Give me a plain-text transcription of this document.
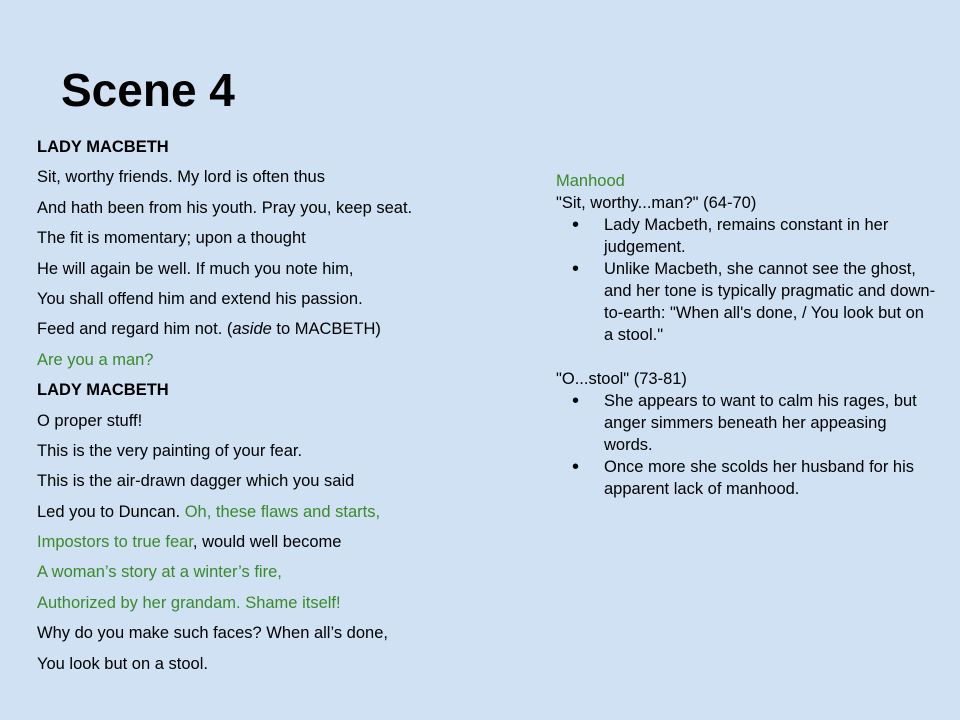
Scene 4
LADY MACBETH
Sit, worthy friends. My lord is often thus
And hath been from his youth. Pray you, keep seat.
The fit is momentary; upon a thought
He will again be well. If much you note him,
You shall offend him and extend his passion.
Feed and regard him not. (aside to MACBETH)
Are you a man?
LADY MACBETH
O proper stuff!
This is the very painting of your fear.
This is the air-drawn dagger which you said
Led you to Duncan. Oh, these flaws and starts,
Impostors to true fear, would well become
A woman’s story at a winter’s fire,
Authorized by her grandam. Shame itself!
Why do you make such faces? When all’s done,
You look but on a stool.
Manhood
"Sit, worthy...man?" (64-70)
• Lady Macbeth, remains constant in her judgement.
• Unlike Macbeth, she cannot see the ghost, and her tone is typically pragmatic and down-to-earth: "When all's done, / You look but on a stool."
"O...stool" (73-81)
• She appears to want to calm his rages, but anger simmers beneath her appeasing words.
• Once more she scolds her husband for his apparent lack of manhood.
